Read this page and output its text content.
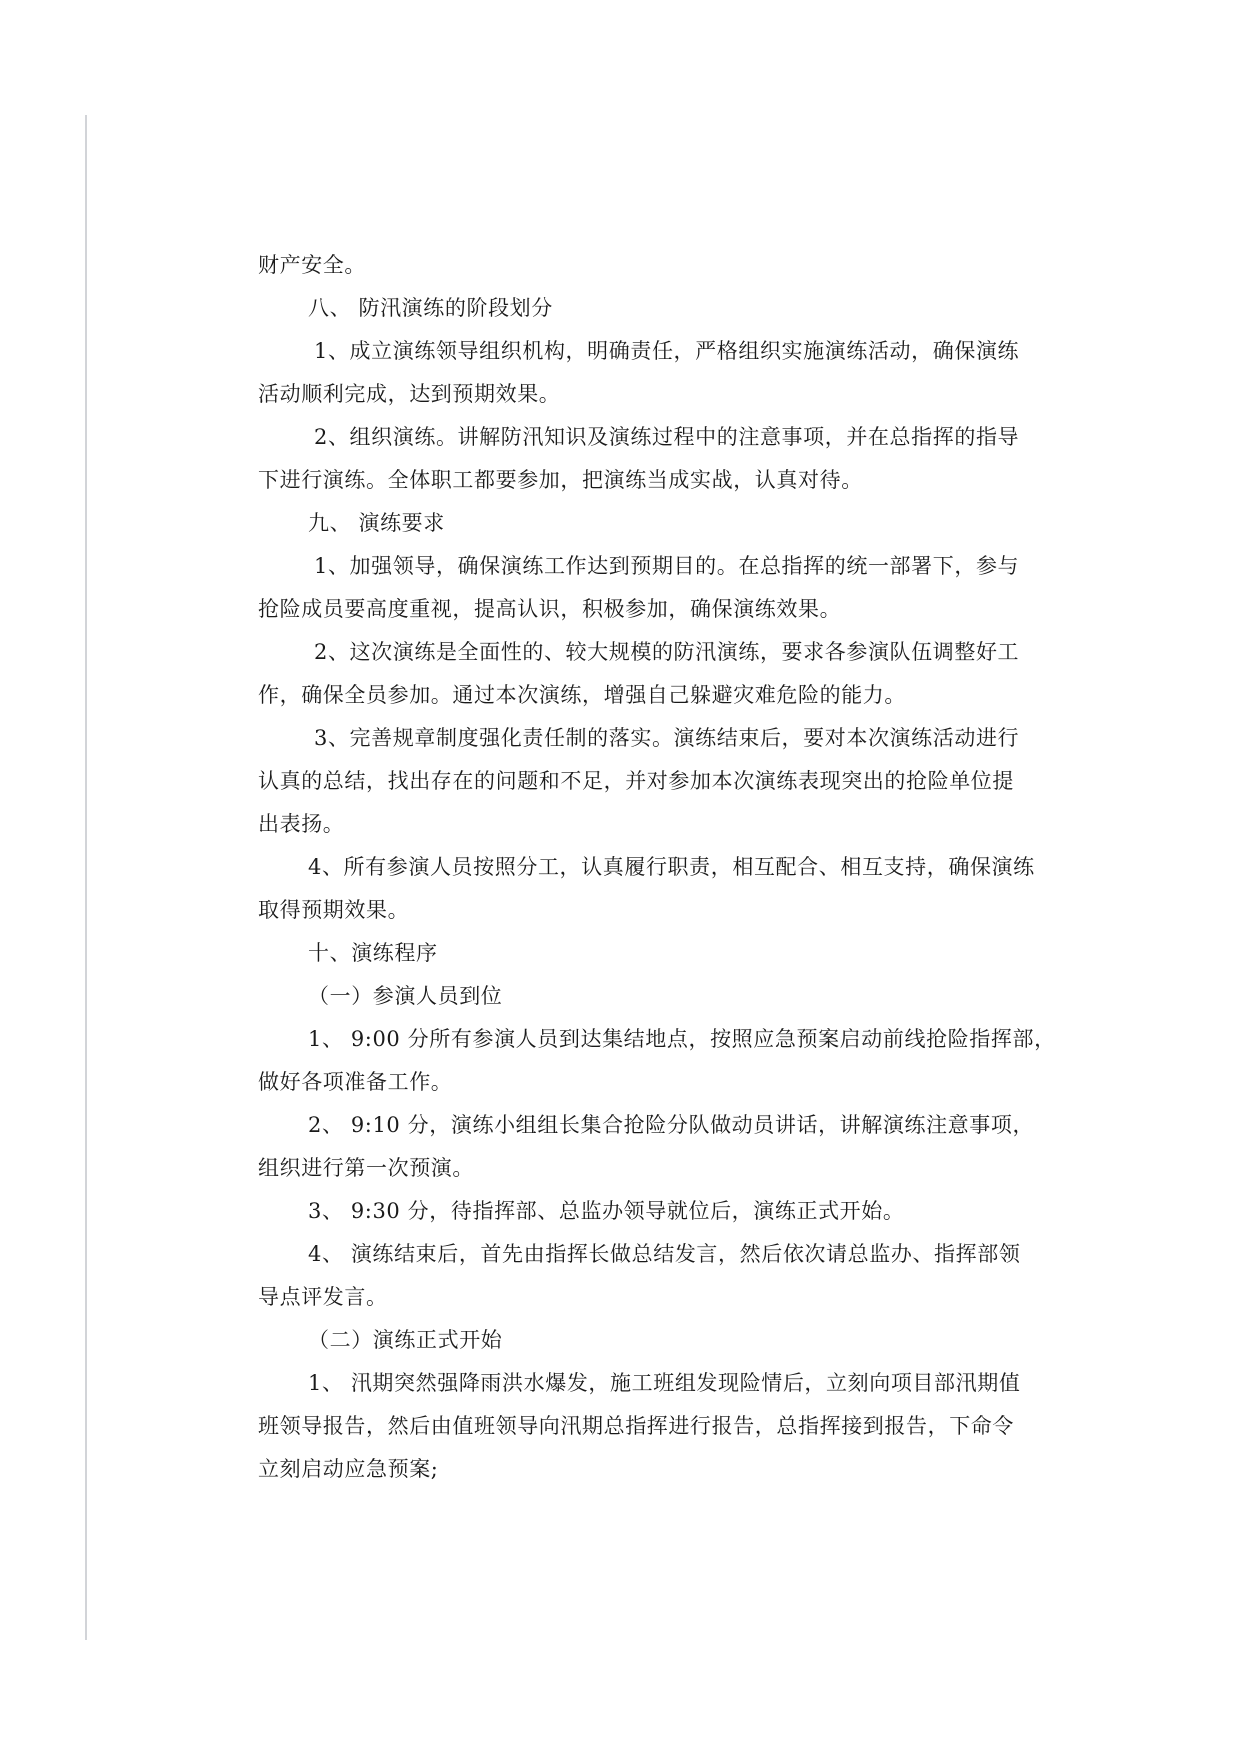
财产安全。
八、 防汛演练的阶段划分
1、成立演练领导组织机构，明确责任，严格组织实施演练活动，确保演练
活动顺利完成，达到预期效果。
2、组织演练。讲解防汛知识及演练过程中的注意事项，并在总指挥的指导
下进行演练。全体职工都要参加，把演练当成实战，认真对待。
九、 演练要求
1、加强领导，确保演练工作达到预期目的。在总指挥的统一部署下，参与
抢险成员要高度重视，提高认识，积极参加，确保演练效果。
2、这次演练是全面性的、较大规模的防汛演练，要求各参演队伍调整好工
作，确保全员参加。通过本次演练，增强自己躲避灾难危险的能力。
3、完善规章制度强化责任制的落实。演练结束后，要对本次演练活动进行
认真的总结，找出存在的问题和不足，并对参加本次演练表现突出的抢险单位提
出表扬。
4、所有参演人员按照分工，认真履行职责，相互配合、相互支持，确保演练
取得预期效果。
十、演练程序
（一）参演人员到位
1、 9:00 分所有参演人员到达集结地点，按照应急预案启动前线抢险指挥部，
做好各项准备工作。
2、 9:10 分，演练小组组长集合抢险分队做动员讲话，讲解演练注意事项，
组织进行第一次预演。
3、 9:30 分，待指挥部、总监办领导就位后，演练正式开始。
4、 演练结束后，首先由指挥长做总结发言，然后依次请总监办、指挥部领
导点评发言。
（二）演练正式开始
1、 汛期突然强降雨洪水爆发，施工班组发现险情后，立刻向项目部汛期值
班领导报告，然后由值班领导向汛期总指挥进行报告，总指挥接到报告，下命令
立刻启动应急预案;
